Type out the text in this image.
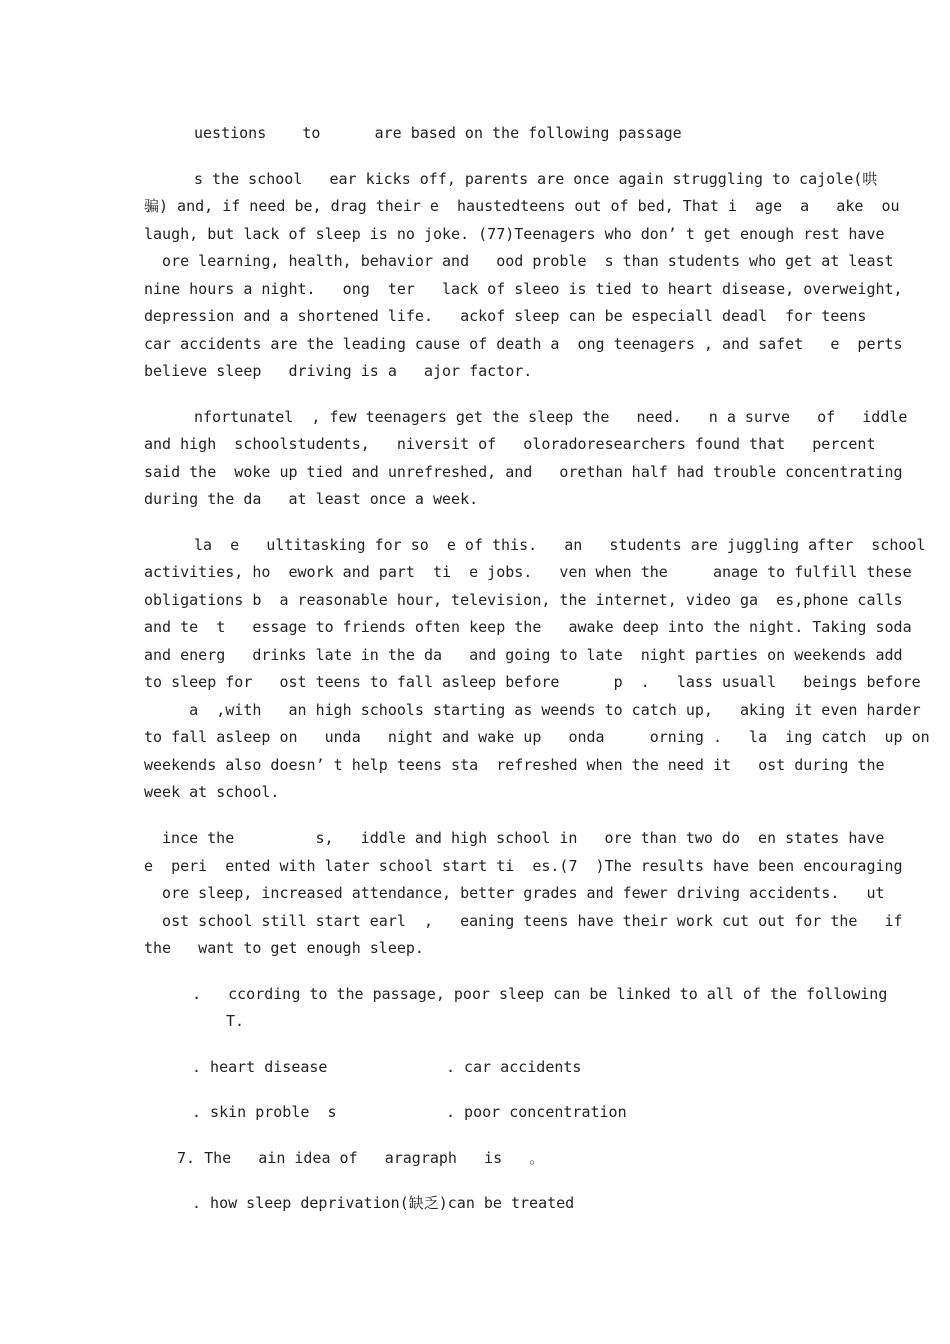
uestions    to      are based on the following passage
s the school   ear kicks off, parents are once again struggling to cajole(哄
骗) and, if need be, drag their e  haustedteens out of bed, That i  age  a   ake  ou
laugh, but lack of sleep is no joke. (77)Teenagers who don’ t get enough rest have
ore learning, health, behavior and   ood proble  s than students who get at least
nine hours a night.   ong  ter   lack of sleeo is tied to heart disease, overweight,
depression and a shortened life.   ackof sleep can be especiall deadl  for teens
car accidents are the leading cause of death a  ong teenagers , and safet   e  perts
believe sleep   driving is a   ajor factor.
nfortunatel  , few teenagers get the sleep the   need.   n a surve   of   iddle
and high  schoolstudents,   niversit of   oloradoresearchers found that   percent
said the  woke up tied and unrefreshed, and   orethan half had trouble concentrating
during the da   at least once a week.
la  e   ultitasking for so  e of this.   an   students are juggling after  school
activities, ho  ework and part  ti  e jobs.   ven when the     anage to fulfill these
obligations b  a reasonable hour, television, the internet, video ga  es,phone calls
and te  t   essage to friends often keep the   awake deep into the night. Taking soda
and energ   drinks late in the da   and going to late  night parties on weekends add
to sleep for   ost teens to fall asleep before      p  .   lass usuall   beings before
a  ,with   an high schools starting as weends to catch up,   aking it even harder
to fall asleep on   unda   night and wake up   onda     orning .   la  ing catch  up on
weekends also doesn’ t help teens sta  refreshed when the need it   ost during the
week at school.
ince the         s,   iddle and high school in   ore than two do  en states have
e  peri  ented with later school start ti  es.(7  )The results have been encouraging
ore sleep, increased attendance, better grades and fewer driving accidents.   ut
ost school still start earl  ,   eaning teens have their work cut out for the   if
the   want to get enough sleep.
.   ccording to the passage, poor sleep can be linked to all of the following
T.
. heart disease	. car accidents
. skin proble  s	. poor concentration
7. The   ain idea of   aragraph   is   。
. how sleep deprivation(缺乏)can be treated
